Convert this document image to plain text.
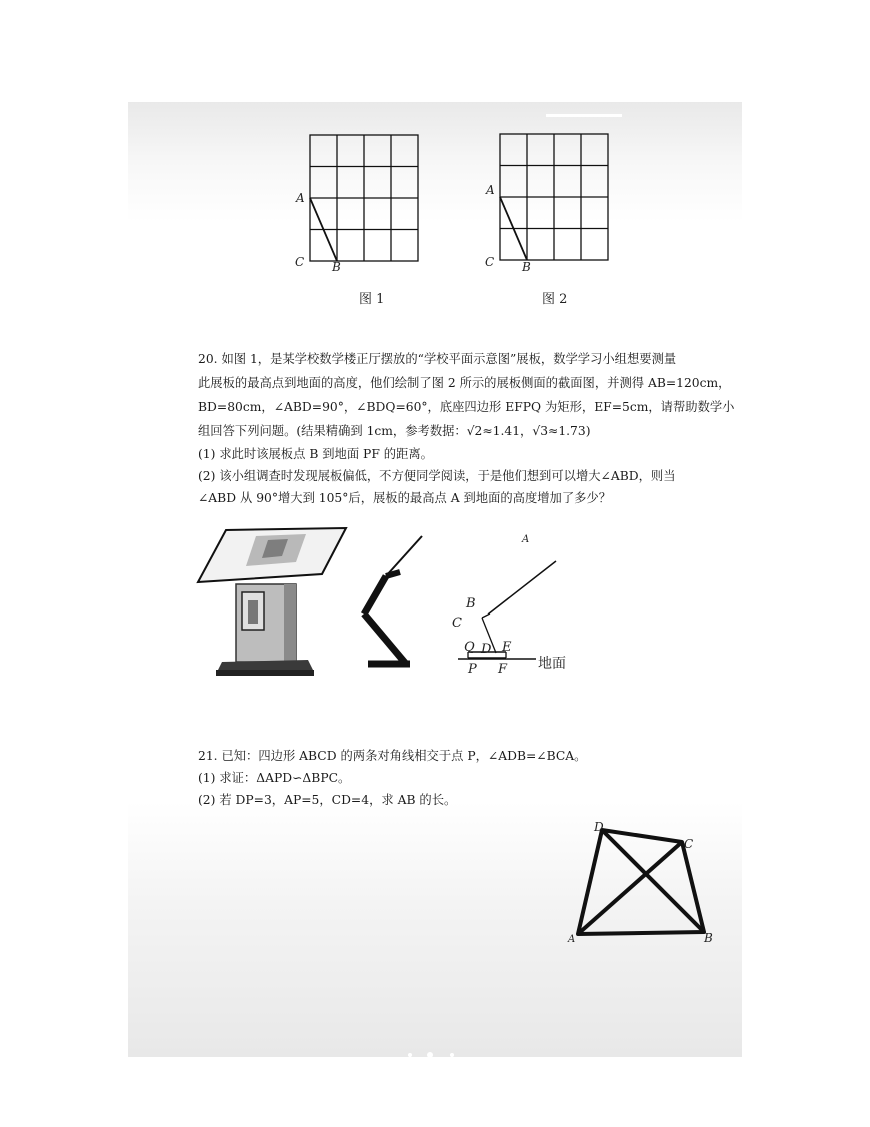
A
C B
图 1
A
C B
图 2

20. 如图 1，是某学校数学楼正厅摆放的“学校平面示意图”展板，数学学习小组想要测量

此展板的最高点到地面的高度，他们绘制了图 2 所示的展板侧面的截面图，并测得 AB=120cm，

BD=80cm，∠ABD=90°，∠BDQ=60°，底座四边形 EFPQ 为矩形，EF=5cm，请帮助数学小

组回答下列问题。(结果精确到 1cm，参考数据：√2≈1.41，√3≈1.73)

(1) 求此时该展板点 B 到地面 PF 的距离。

(2) 该小组调查时发现展板偏低，不方便同学阅读，于是他们想到可以增大∠ABD，则当

∠ABD 从 90°增大到 105°后，展板的最高点 A 到地面的高度增加了多少？

A
B
C
Q D E
P F 地面

21. 已知：四边形 ABCD 的两条对角线相交于点 P，∠ADB=∠BCA。

(1) 求证：ΔAPD∽ΔBPC。

(2) 若 DP=3，AP=5，CD=4，求 AB 的长。

D
C
A	B
